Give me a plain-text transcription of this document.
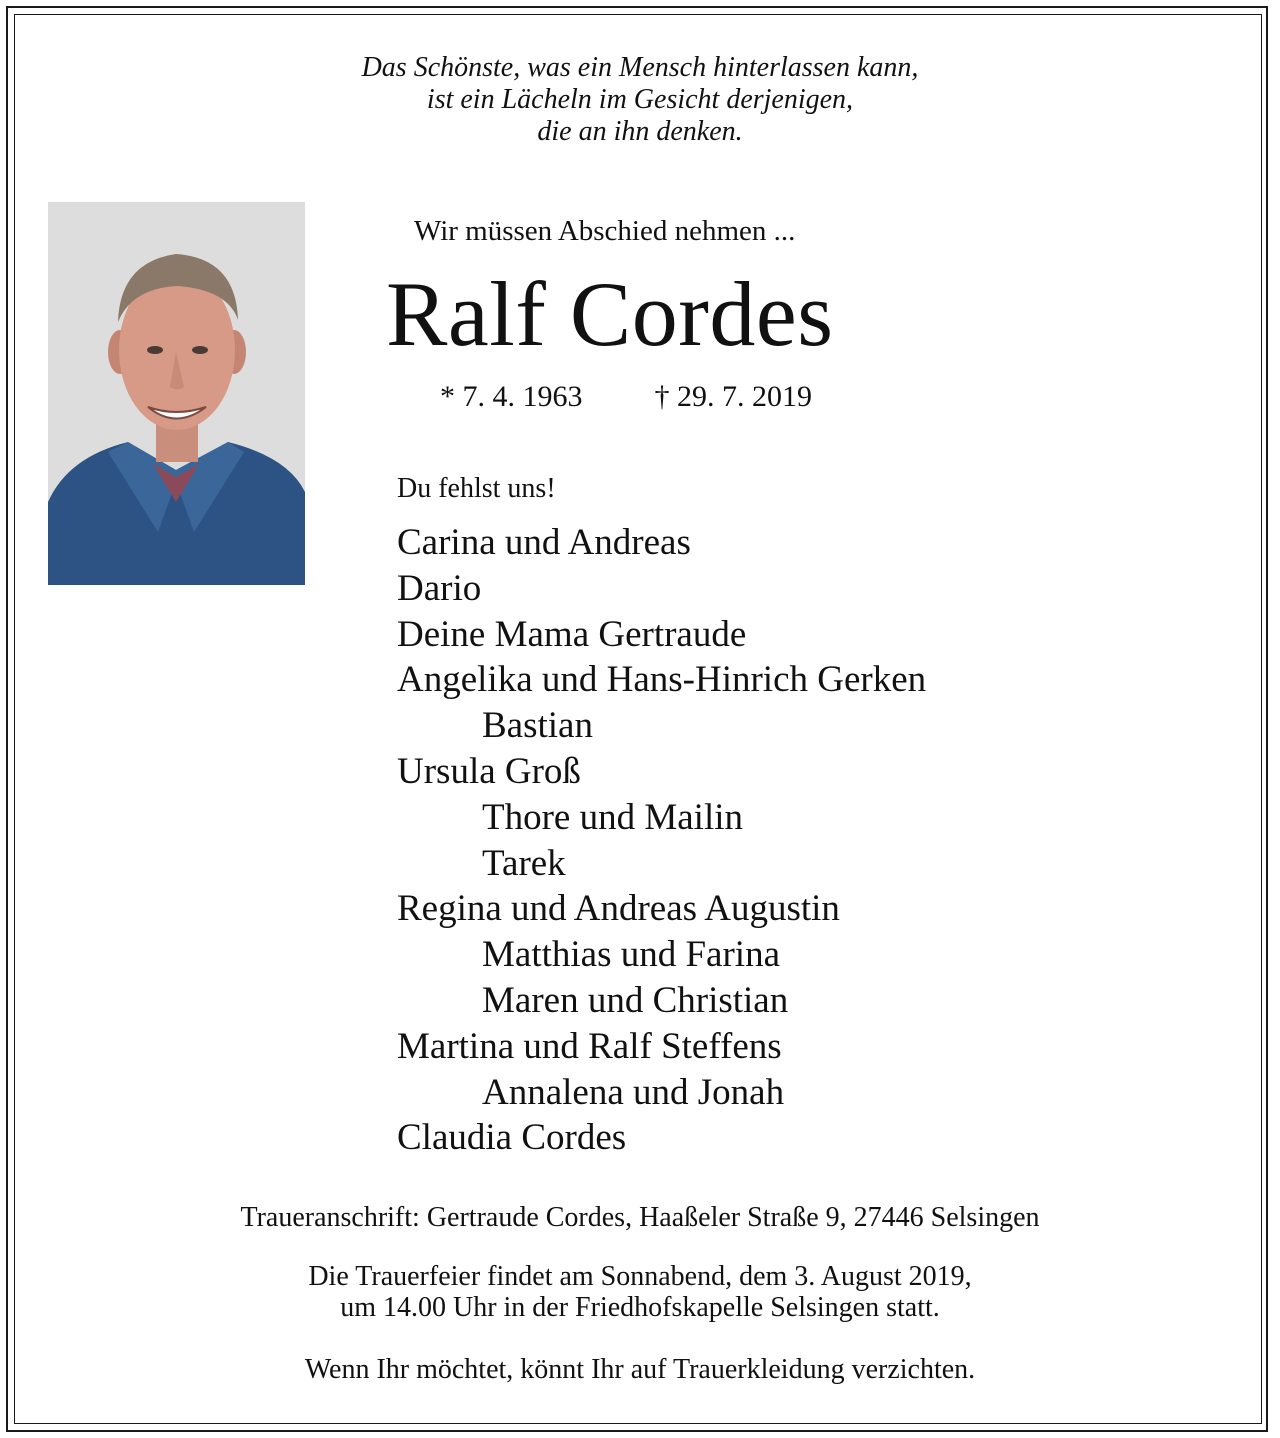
Das Schönste, was ein Mensch hinterlassen kann,
ist ein Lächeln im Gesicht derjenigen,
die an ihn denken.
Wir müssen Abschied nehmen ...
Ralf Cordes
* 7. 4. 1963 † 29. 7. 2019
Du fehlst uns!
Carina und Andreas
Dario
Deine Mama Gertraude
Angelika und Hans-Hinrich Gerken
Bastian
Ursula Groß
Thore und Mailin
Tarek
Regina und Andreas Augustin
Matthias und Farina
Maren und Christian
Martina und Ralf Steffens
Annalena und Jonah
Claudia Cordes
Traueranschrift: Gertraude Cordes, Haaßeler Straße 9, 27446 Selsingen
Die Trauerfeier findet am Sonnabend, dem 3. August 2019,
um 14.00 Uhr in der Friedhofskapelle Selsingen statt.
Wenn Ihr möchtet, könnt Ihr auf Trauerkleidung verzichten.
